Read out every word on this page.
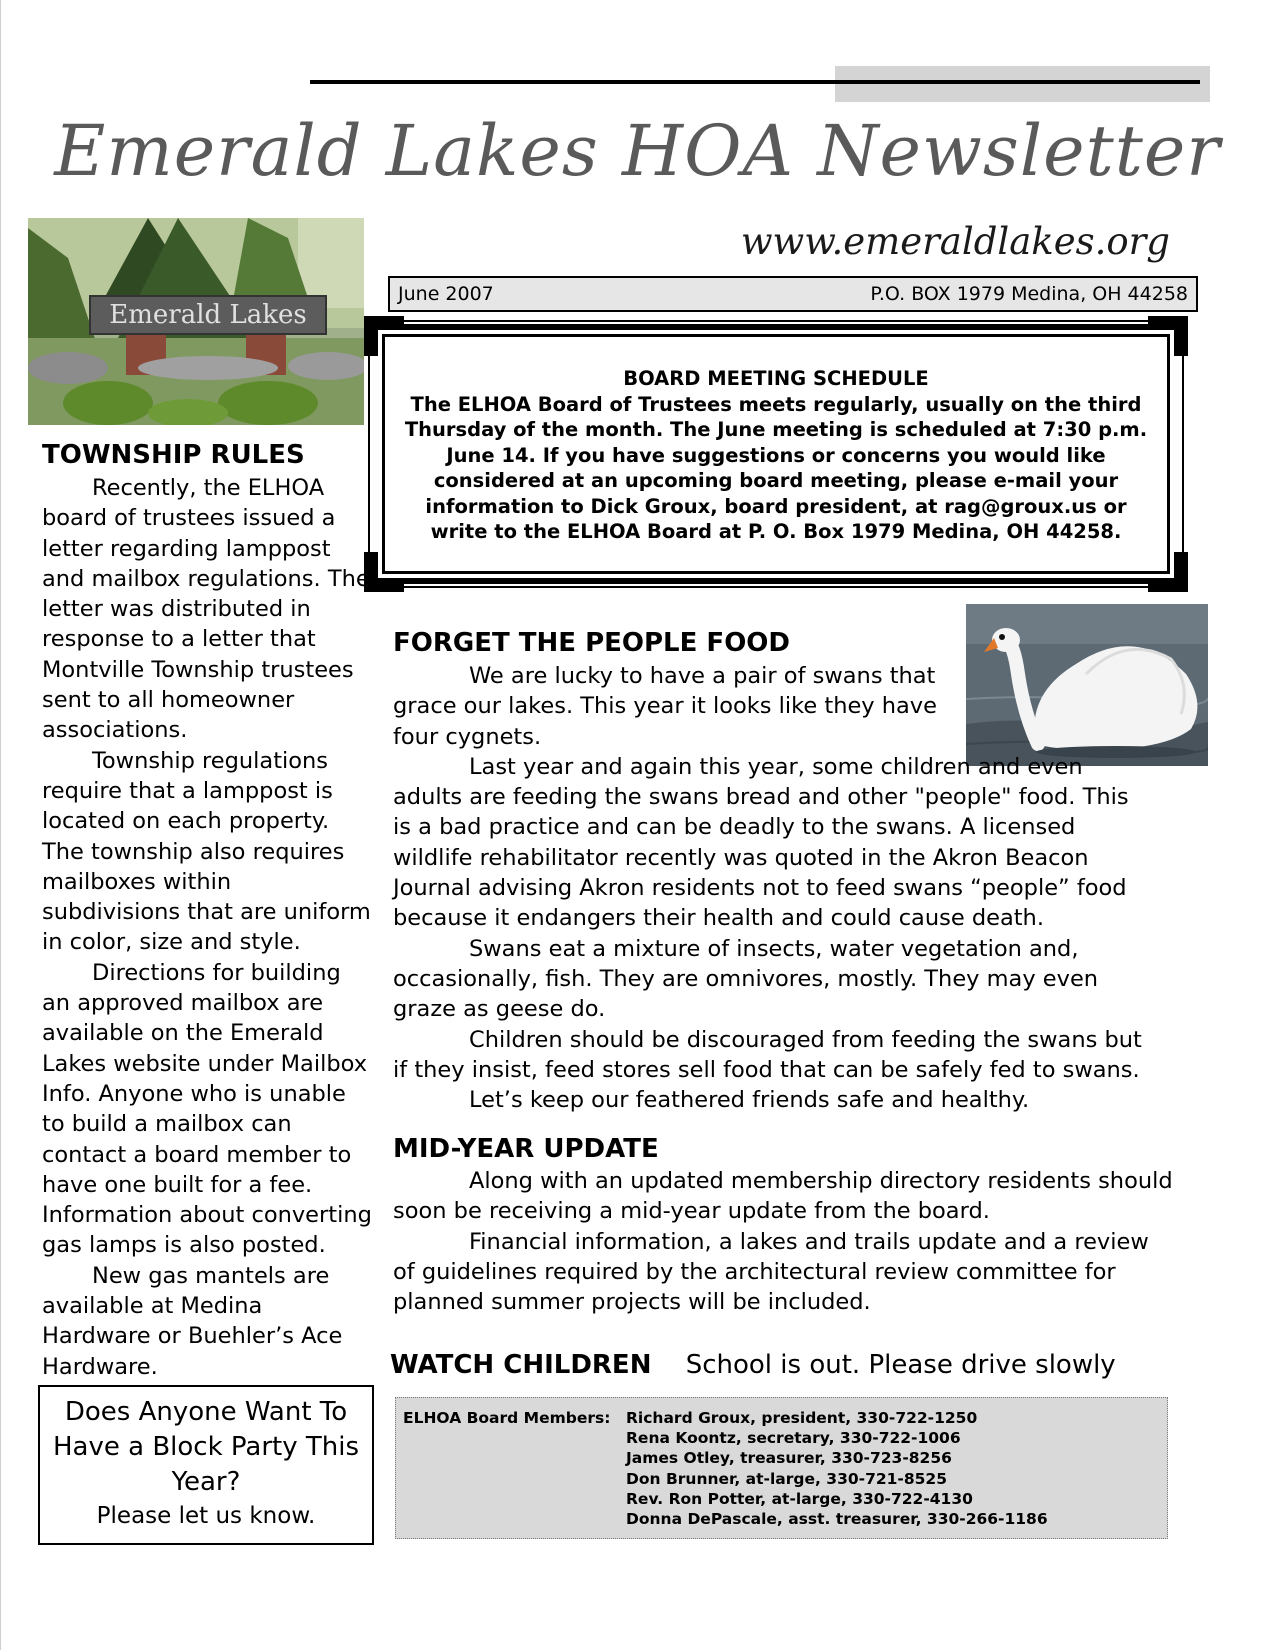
Emerald Lakes HOA Newsletter
www.emeraldlakes.org
June 2007	P.O. BOX 1979 Medina, OH 44258
Emerald Lakes
BOARD MEETING SCHEDULE
The ELHOA Board of Trustees meets regularly, usually on the third Thursday of the month. The June meeting is scheduled at 7:30 p.m. June 14. If you have suggestions or concerns you would like considered at an upcoming board meeting, please e-mail your information to Dick Groux, board president, at rag@groux.us or write to the ELHOA Board at P. O. Box 1979 Medina, OH 44258.
TOWNSHIP RULES

Recently, the ELHOA board of trustees issued a letter regarding lamppost and mailbox regulations. The letter was distributed in response to a letter that Montville Township trustees sent to all homeowner associations.

Township regulations require that a lamppost is located on each property. The township also requires mailboxes within subdivisions that are uniform in color, size and style.

Directions for building an approved mailbox are available on the Emerald Lakes website under Mailbox Info. Anyone who is unable to build a mailbox can contact a board member to have one built for a fee. Information about converting gas lamps is also posted.

New gas mantels are available at Medina Hardware or Buehler’s Ace Hardware.

FORGET THE PEOPLE FOOD

We are lucky to have a pair of swans that grace our lakes. This year it looks like they have four cygnets.

Last year and again this year, some children and even adults are feeding the swans bread and other "people" food. This is a bad practice and can be deadly to the swans. A licensed wildlife rehabilitator recently was quoted in the Akron Beacon Journal advising Akron residents not to feed swans “people” food because it endangers their health and could cause death.

Swans eat a mixture of insects, water vegetation and, occasionally, fish. They are omnivores, mostly. They may even graze as geese do.

Children should be discouraged from feeding the swans but if they insist, feed stores sell food that can be safely fed to swans.

Let’s keep our feathered friends safe and healthy.

MID-YEAR UPDATE

Along with an updated membership directory residents should soon be receiving a mid-year update from the board.

Financial information, a lakes and trails update and a review of guidelines required by the architectural review committee for planned summer projects will be included.

WATCH CHILDREN School is out. Please drive slowly
Does Anyone Want To Have a Block Party This Year?
Please let us know.
ELHOA Board Members: Richard Groux, president, 330-722-1250
Rena Koontz, secretary, 330-722-1006
James Otley, treasurer, 330-723-8256
Don Brunner, at-large, 330-721-8525
Rev. Ron Potter, at-large, 330-722-4130
Donna DePascale, asst. treasurer, 330-266-1186
